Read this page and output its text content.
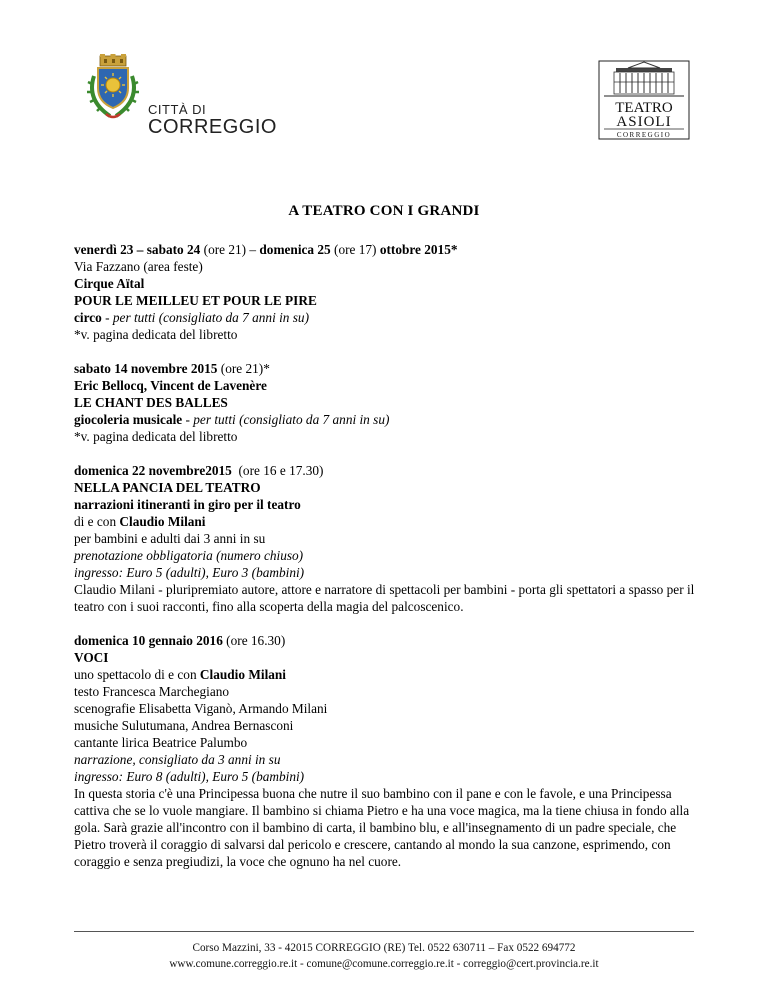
CITTÀ DI
CORREGGIO
TEATRO
ASIOLI
CORREGGIO
A TEATRO CON I GRANDI
venerdì 23 – sabato 24 (ore 21) – domenica 25 (ore 17) ottobre 2015*
Via Fazzano (area feste)
Cirque Aïtal
POUR LE MEILLEU ET POUR LE PIRE
circo - per tutti (consigliato da 7 anni in su)
*v. pagina dedicata del libretto
sabato 14 novembre 2015 (ore 21)*
Eric Bellocq, Vincent de Lavenère
LE CHANT DES BALLES
giocoleria musicale - per tutti (consigliato da 7 anni in su)
*v. pagina dedicata del libretto
domenica 22 novembre2015  (ore 16 e 17.30)
NELLA PANCIA DEL TEATRO
narrazioni itineranti in giro per il teatro
di e con Claudio Milani
per bambini e adulti dai 3 anni in su
prenotazione obbligatoria (numero chiuso)
ingresso: Euro 5 (adulti), Euro 3 (bambini)
Claudio Milani - pluripremiato autore, attore e narratore di spettacoli per bambini - porta gli spettatori a spasso per il teatro con i suoi racconti, fino alla scoperta della magia del palcoscenico.
domenica 10 gennaio 2016 (ore 16.30)
VOCI
uno spettacolo di e con Claudio Milani
testo Francesca Marchegiano
scenografie Elisabetta Viganò, Armando Milani
musiche Sulutumana, Andrea Bernasconi
cantante lirica Beatrice Palumbo
narrazione, consigliato da 3 anni in su
ingresso: Euro 8 (adulti), Euro 5 (bambini)
In questa storia c'è una Principessa buona che nutre il suo bambino con il pane e con le favole, e una Principessa cattiva che se lo vuole mangiare. Il bambino si chiama Pietro e ha una voce magica, ma la tiene chiusa in fondo alla gola. Sarà grazie all'incontro con il bambino di carta, il bambino blu, e all'insegnamento di un padre speciale, che Pietro troverà il coraggio di salvarsi dal pericolo e crescere, cantando al mondo la sua canzone, esprimendo, con coraggio e senza pregiudizi, la voce che ognuno ha nel cuore.
Corso Mazzini, 33 - 42015 CORREGGIO (RE) Tel. 0522 630711 – Fax 0522 694772
www.comune.correggio.re.it - comune@comune.correggio.re.it - correggio@cert.provincia.re.it
